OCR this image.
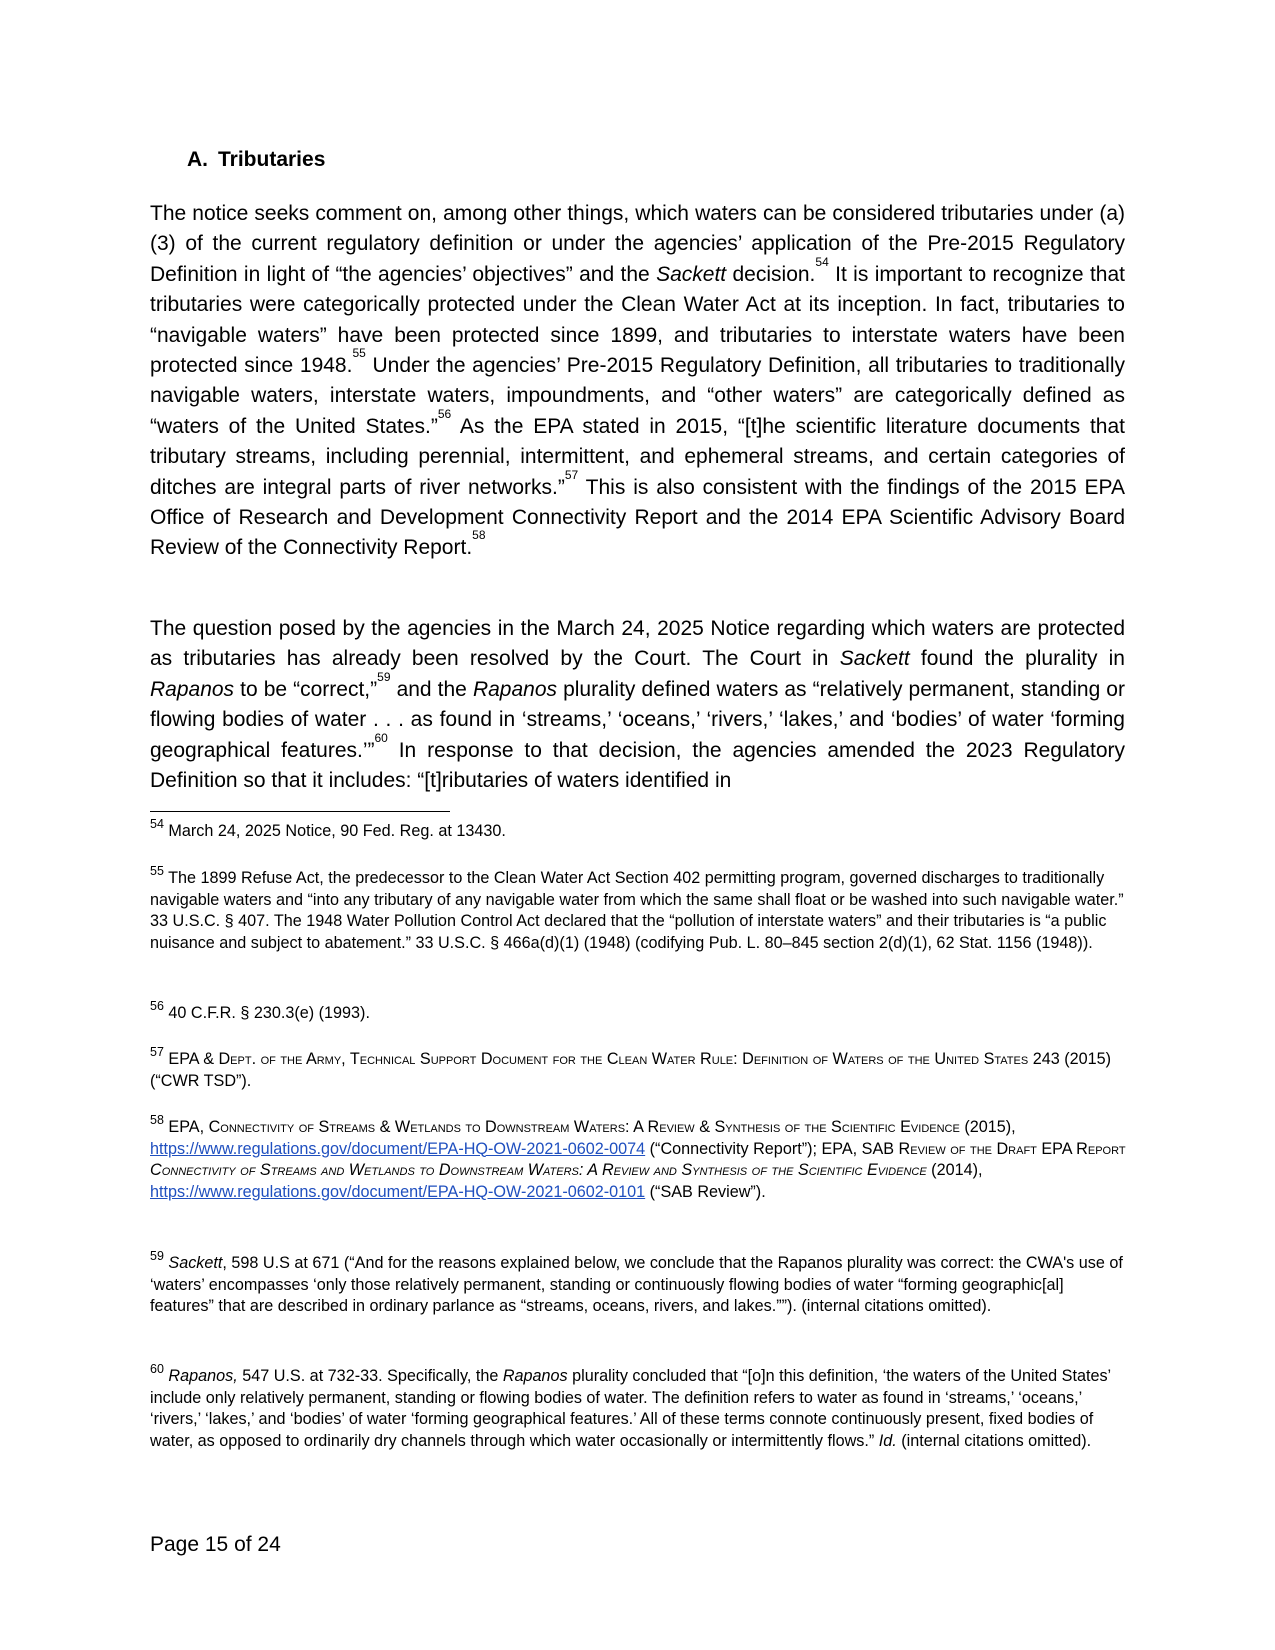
A. Tributaries

The notice seeks comment on, among other things, which waters can be considered tributaries under (a)(3) of the current regulatory definition or under the agencies’ application of the Pre-2015 Regulatory Definition in light of “the agencies’ objectives” and the Sackett decision.$^{54}$ It is important to recognize that tributaries were categorically protected under the Clean Water Act at its inception. In fact, tributaries to “navigable waters” have been protected since 1899, and tributaries to interstate waters have been protected since 1948.55 Under the agencies’ Pre-2015 Regulatory Definition, all tributaries to traditionally navigable waters, interstate waters, impoundments, and “other waters” are categorically defined as “waters of the United States.”$^{56}$ As the EPA stated in 2015, “[t]he scientific literature documents that tributary streams, including perennial, intermittent, and ephemeral streams, and certain categories of ditches are integral parts of river networks.”$^{57}$ This is also consistent with the findings of the 2015 EPA Office of Research and Development Connectivity Report and the 2014 EPA Scientific Advisory Board Review of the Connectivity Report.$^{58}$

The question posed by the agencies in the March 24, 2025 Notice regarding which waters are protected as tributaries has already been resolved by the Court. The Court in Sackett found the plurality in Rapanos to be “correct,”$^{59}$ and the Rapanos plurality defined waters as “relatively permanent, standing or flowing bodies of water . . . as found in ‘streams,’ ‘oceans,’ ‘rivers,’ ‘lakes,’ and ‘bodies’ of water ‘forming geographical features.’”$^{60}$ In response to that decision, the agencies amended the 2023 Regulatory Definition so that it includes: “[t]ributaries of waters identified in

$^{54}$ March 24, 2025 Notice, 90 Fed. Reg. at 13430.

$^{55}$ The 1899 Refuse Act, the predecessor to the Clean Water Act Section 402 permitting program, governed discharges to traditionally navigable waters and “into any tributary of any navigable water from which the same shall float or be washed into such navigable water.” 33 U.S.C. § 407. The 1948 Water Pollution Control Act declared that the “pollution of interstate waters” and their tributaries is “a public nuisance and subject to abatement.” 33 U.S.C. § 466a(d)(1) (1948) (codifying Pub. L. 80–845 section 2(d)(1), 62 Stat. 1156 (1948)).

$^{56}$ 40 C.F.R. § 230.3(e) (1993).

$^{57}$ EPA & Dept. of the Army, Technical Support Document for the Clean Water Rule: Definition of Waters of the United States 243 (2015) (“CWR TSD”).

$^{58}$ EPA, Connectivity of Streams & Wetlands to Downstream Waters: A Review & Synthesis of the Scientific Evidence (2015), https://www.regulations.gov/document/EPA-HQ-OW-2021-0602-0074 (“Connectivity Report”); EPA, SAB Review of the Draft EPA Report Connectivity of Streams and Wetlands to Downstream Waters: A Review and Synthesis of the Scientific Evidence (2014), https://www.regulations.gov/document/EPA-HQ-OW-2021-0602-0101 (“SAB Review”).

$^{59}$ Sackett, 598 U.S at 671 (“And for the reasons explained below, we conclude that the Rapanos plurality was correct: the CWA's use of ‘waters’ encompasses ‘only those relatively permanent, standing or continuously flowing bodies of water “forming geographic[al] features” that are described in ordinary parlance as “streams, oceans, rivers, and lakes.””). (internal citations omitted).

$^{60}$ Rapanos, 547 U.S. at 732-33. Specifically, the Rapanos plurality concluded that “[o]n this definition, ‘the waters of the United States’ include only relatively permanent, standing or flowing bodies of water. The definition refers to water as found in ‘streams,’ ‘oceans,’ ‘rivers,’ ‘lakes,’ and ‘bodies’ of water ‘forming geographical features.’ All of these terms connote continuously present, fixed bodies of water, as opposed to ordinarily dry channels through which water occasionally or intermittently flows.” Id. (internal citations omitted).

Page 15 of 24
